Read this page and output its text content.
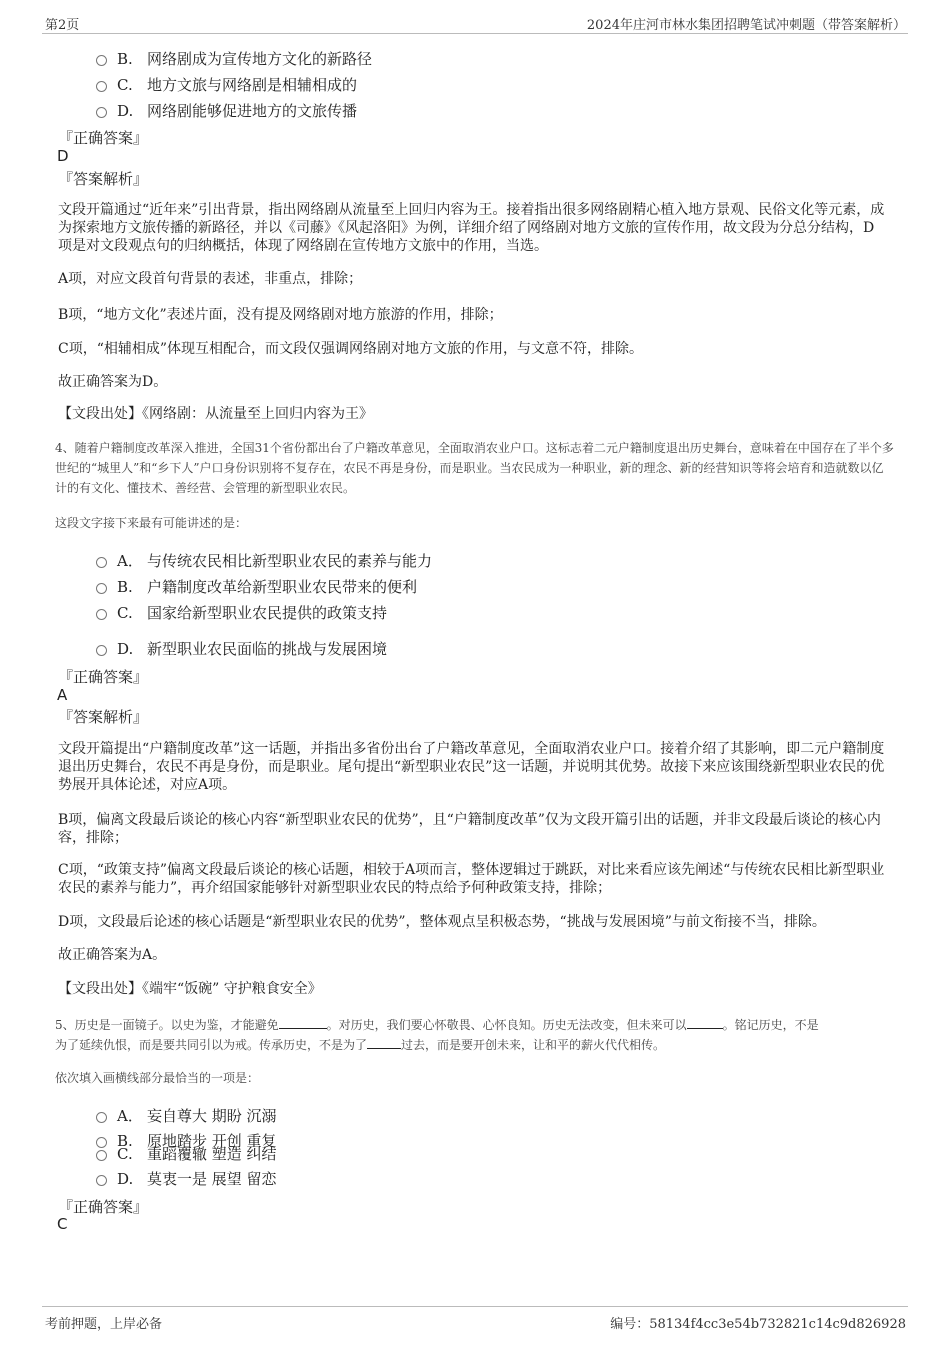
第2页	2024年庄河市林水集团招聘笔试冲刺题（带答案解析）
B. 网络剧成为宣传地方文化的新路径
C. 地方文旅与网络剧是相辅相成的
D. 网络剧能够促进地方的文旅传播
『正确答案』
D
『答案解析』
文段开篇通过“近年来”引出背景，指出网络剧从流量至上回归内容为王。接着指出很多网络剧精心植入地方景观、民俗文化等元素，成为探索地方文旅传播的新路径，并以《司藤》《风起洛阳》为例，详细介绍了网络剧对地方文旅的宣传作用，故文段为分总分结构，D项是对文段观点句的归纳概括，体现了网络剧在宣传地方文旅中的作用，当选。
A项，对应文段首句背景的表述，非重点，排除；
B项，“地方文化”表述片面，没有提及网络剧对地方旅游的作用，排除；
C项，“相辅相成”体现互相配合，而文段仅强调网络剧对地方文旅的作用，与文意不符，排除。
故正确答案为D。
【文段出处】《网络剧：从流量至上回归内容为王》
4、随着户籍制度改革深入推进，全国31个省份都出台了户籍改革意见，全面取消农业户口。这标志着二元户籍制度退出历史舞台，意味着在中国存在了半个多世纪的“城里人”和“乡下人”户口身份识别将不复存在，农民不再是身份，而是职业。当农民成为一种职业，新的理念、新的经营知识等将会培育和造就数以亿计的有文化、懂技术、善经营、会管理的新型职业农民。
这段文字接下来最有可能讲述的是：
A． 与传统农民相比新型职业农民的素养与能力
B. 户籍制度改革给新型职业农民带来的便利
C. 国家给新型职业农民提供的政策支持
D. 新型职业农民面临的挑战与发展困境
『正确答案』
A
『答案解析』
文段开篇提出“户籍制度改革”这一话题，并指出多省份出台了户籍改革意见，全面取消农业户口。接着介绍了其影响，即二元户籍制度退出历史舞台，农民不再是身份，而是职业。尾句提出“新型职业农民”这一话题，并说明其优势。故接下来应该围绕新型职业农民的优势展开具体论述，对应A项。
B项，偏离文段最后谈论的核心内容“新型职业农民的优势”，且“户籍制度改革”仅为文段开篇引出的话题，并非文段最后谈论的核心内容，排除；
C项，“政策支持”偏离文段最后谈论的核心话题，相较于A项而言，整体逻辑过于跳跃，对比来看应该先阐述“与传统农民相比新型职业农民的素养与能力”，再介绍国家能够针对新型职业农民的特点给予何种政策支持，排除；
D项，文段最后论述的核心话题是“新型职业农民的优势”，整体观点呈积极态势，“挑战与发展困境”与前文衔接不当，排除。
故正确答案为A。
【文段出处】《端牢“饭碗” 守护粮食安全》
5、历史是一面镜子。以史为鉴，才能避免	。对历史，我们要心怀敬畏、心怀良知。历史无法改变，但未来可以	。铭记历史，不是
为了延续仇恨，而是要共同引以为戒。传承历史，不是为了	过去，而是要开创未来，让和平的薪火代代相传。
依次填入画横线部分最恰当的一项是：
A． 妄自尊大 期盼 沉溺
B. 原地踏步 开创 重复
C. 重蹈覆辙 塑造 纠结
D. 莫衷一是 展望 留恋
『正确答案』
C
考前押题，上岸必备	编号：58134f4cc3e54b732821c14c9d826928
